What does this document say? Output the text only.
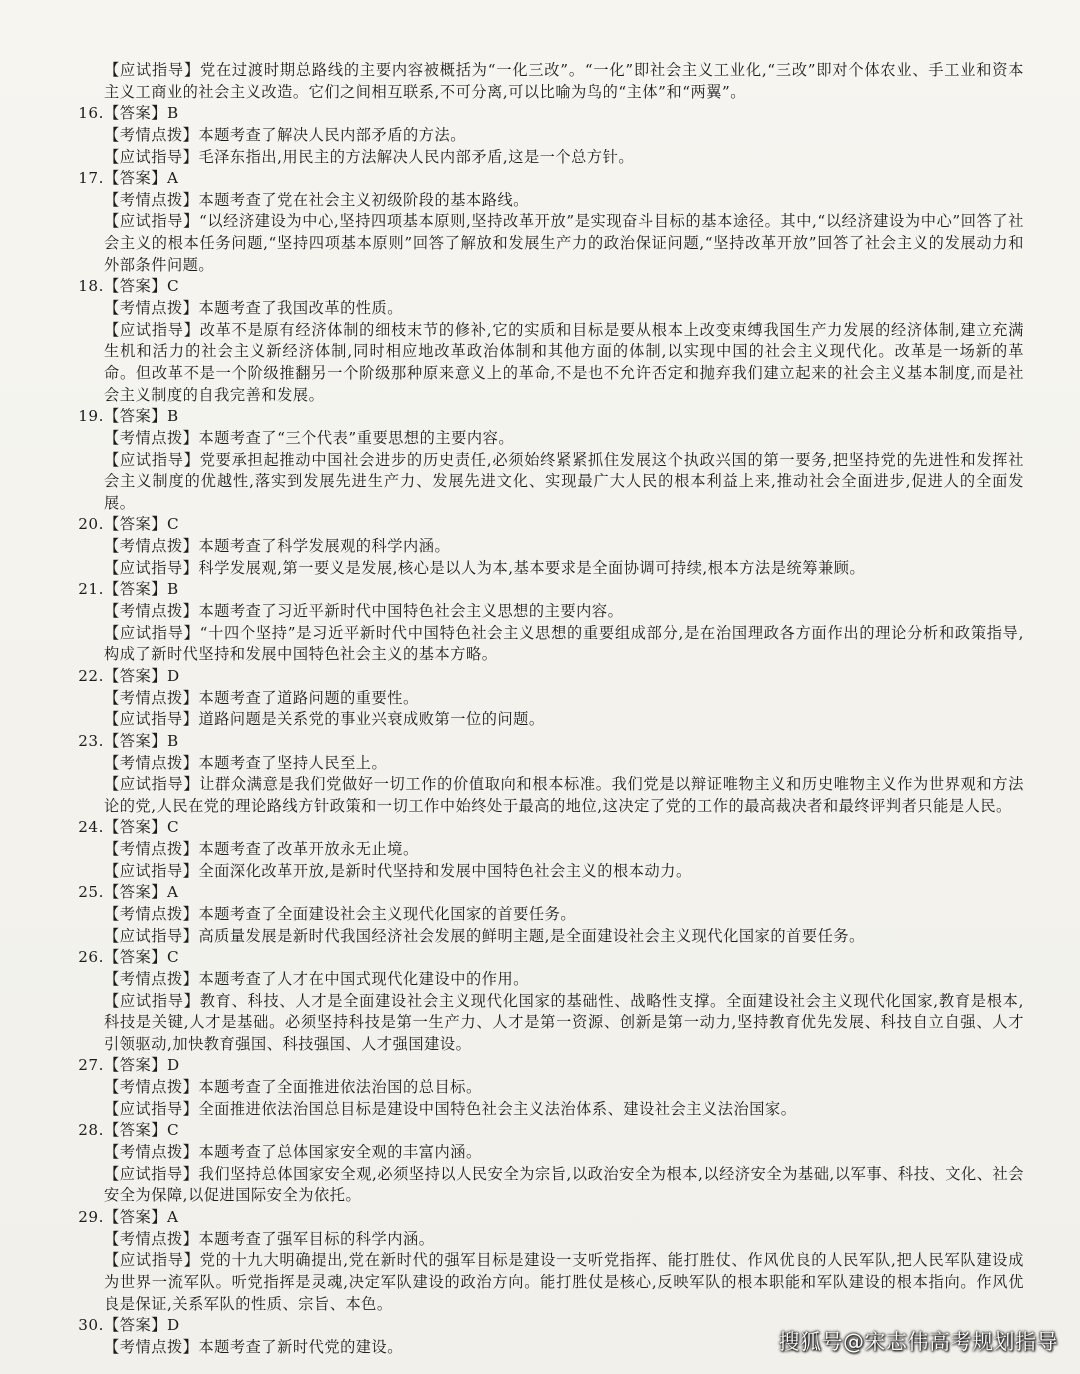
【应试指导】党在过渡时期总路线的主要内容被概括为“一化三改”。“一化”即社会主义工业化,“三改”即对个体农业、手工业和资本主义工商业的社会主义改造。它们之间相互联系,不可分离,可以比喻为鸟的“主体”和“两翼”。
16.【答案】B
【考情点拨】本题考查了解决人民内部矛盾的方法。
【应试指导】毛泽东指出,用民主的方法解决人民内部矛盾,这是一个总方针。
17.【答案】A
【考情点拨】本题考查了党在社会主义初级阶段的基本路线。
【应试指导】“以经济建设为中心,坚持四项基本原则,坚持改革开放”是实现奋斗目标的基本途径。其中,“以经济建设为中心”回答了社会主义的根本任务问题,“坚持四项基本原则”回答了解放和发展生产力的政治保证问题,“坚持改革开放”回答了社会主义的发展动力和外部条件问题。
18.【答案】C
【考情点拨】本题考查了我国改革的性质。
【应试指导】改革不是原有经济体制的细枝末节的修补,它的实质和目标是要从根本上改变束缚我国生产力发展的经济体制,建立充满生机和活力的社会主义新经济体制,同时相应地改革政治体制和其他方面的体制,以实现中国的社会主义现代化。改革是一场新的革命。但改革不是一个阶级推翻另一个阶级那种原来意义上的革命,不是也不允许否定和抛弃我们建立起来的社会主义基本制度,而是社会主义制度的自我完善和发展。
19.【答案】B
【考情点拨】本题考查了“三个代表”重要思想的主要内容。
【应试指导】党要承担起推动中国社会进步的历史责任,必须始终紧紧抓住发展这个执政兴国的第一要务,把坚持党的先进性和发挥社会主义制度的优越性,落实到发展先进生产力、发展先进文化、实现最广大人民的根本利益上来,推动社会全面进步,促进人的全面发展。
20.【答案】C
【考情点拨】本题考查了科学发展观的科学内涵。
【应试指导】科学发展观,第一要义是发展,核心是以人为本,基本要求是全面协调可持续,根本方法是统筹兼顾。
21.【答案】B
【考情点拨】本题考查了习近平新时代中国特色社会主义思想的主要内容。
【应试指导】“十四个坚持”是习近平新时代中国特色社会主义思想的重要组成部分,是在治国理政各方面作出的理论分析和政策指导,构成了新时代坚持和发展中国特色社会主义的基本方略。
22.【答案】D
【考情点拨】本题考查了道路问题的重要性。
【应试指导】道路问题是关系党的事业兴衰成败第一位的问题。
23.【答案】B
【考情点拨】本题考查了坚持人民至上。
【应试指导】让群众满意是我们党做好一切工作的价值取向和根本标准。我们党是以辩证唯物主义和历史唯物主义作为世界观和方法论的党,人民在党的理论路线方针政策和一切工作中始终处于最高的地位,这决定了党的工作的最高裁决者和最终评判者只能是人民。
24.【答案】C
【考情点拨】本题考查了改革开放永无止境。
【应试指导】全面深化改革开放,是新时代坚持和发展中国特色社会主义的根本动力。
25.【答案】A
【考情点拨】本题考查了全面建设社会主义现代化国家的首要任务。
【应试指导】高质量发展是新时代我国经济社会发展的鲜明主题,是全面建设社会主义现代化国家的首要任务。
26.【答案】C
【考情点拨】本题考查了人才在中国式现代化建设中的作用。
【应试指导】教育、科技、人才是全面建设社会主义现代化国家的基础性、战略性支撑。全面建设社会主义现代化国家,教育是根本,科技是关键,人才是基础。必须坚持科技是第一生产力、人才是第一资源、创新是第一动力,坚持教育优先发展、科技自立自强、人才引领驱动,加快教育强国、科技强国、人才强国建设。
27.【答案】D
【考情点拨】本题考查了全面推进依法治国的总目标。
【应试指导】全面推进依法治国总目标是建设中国特色社会主义法治体系、建设社会主义法治国家。
28.【答案】C
【考情点拨】本题考查了总体国家安全观的丰富内涵。
【应试指导】我们坚持总体国家安全观,必须坚持以人民安全为宗旨,以政治安全为根本,以经济安全为基础,以军事、科技、文化、社会安全为保障,以促进国际安全为依托。
29.【答案】A
【考情点拨】本题考查了强军目标的科学内涵。
【应试指导】党的十九大明确提出,党在新时代的强军目标是建设一支听党指挥、能打胜仗、作风优良的人民军队,把人民军队建设成为世界一流军队。听党指挥是灵魂,决定军队建设的政治方向。能打胜仗是核心,反映军队的根本职能和军队建设的根本指向。作风优良是保证,关系军队的性质、宗旨、本色。
30.【答案】D
【考情点拨】本题考查了新时代党的建设。	搜狐号@宋志伟高考规划指导
